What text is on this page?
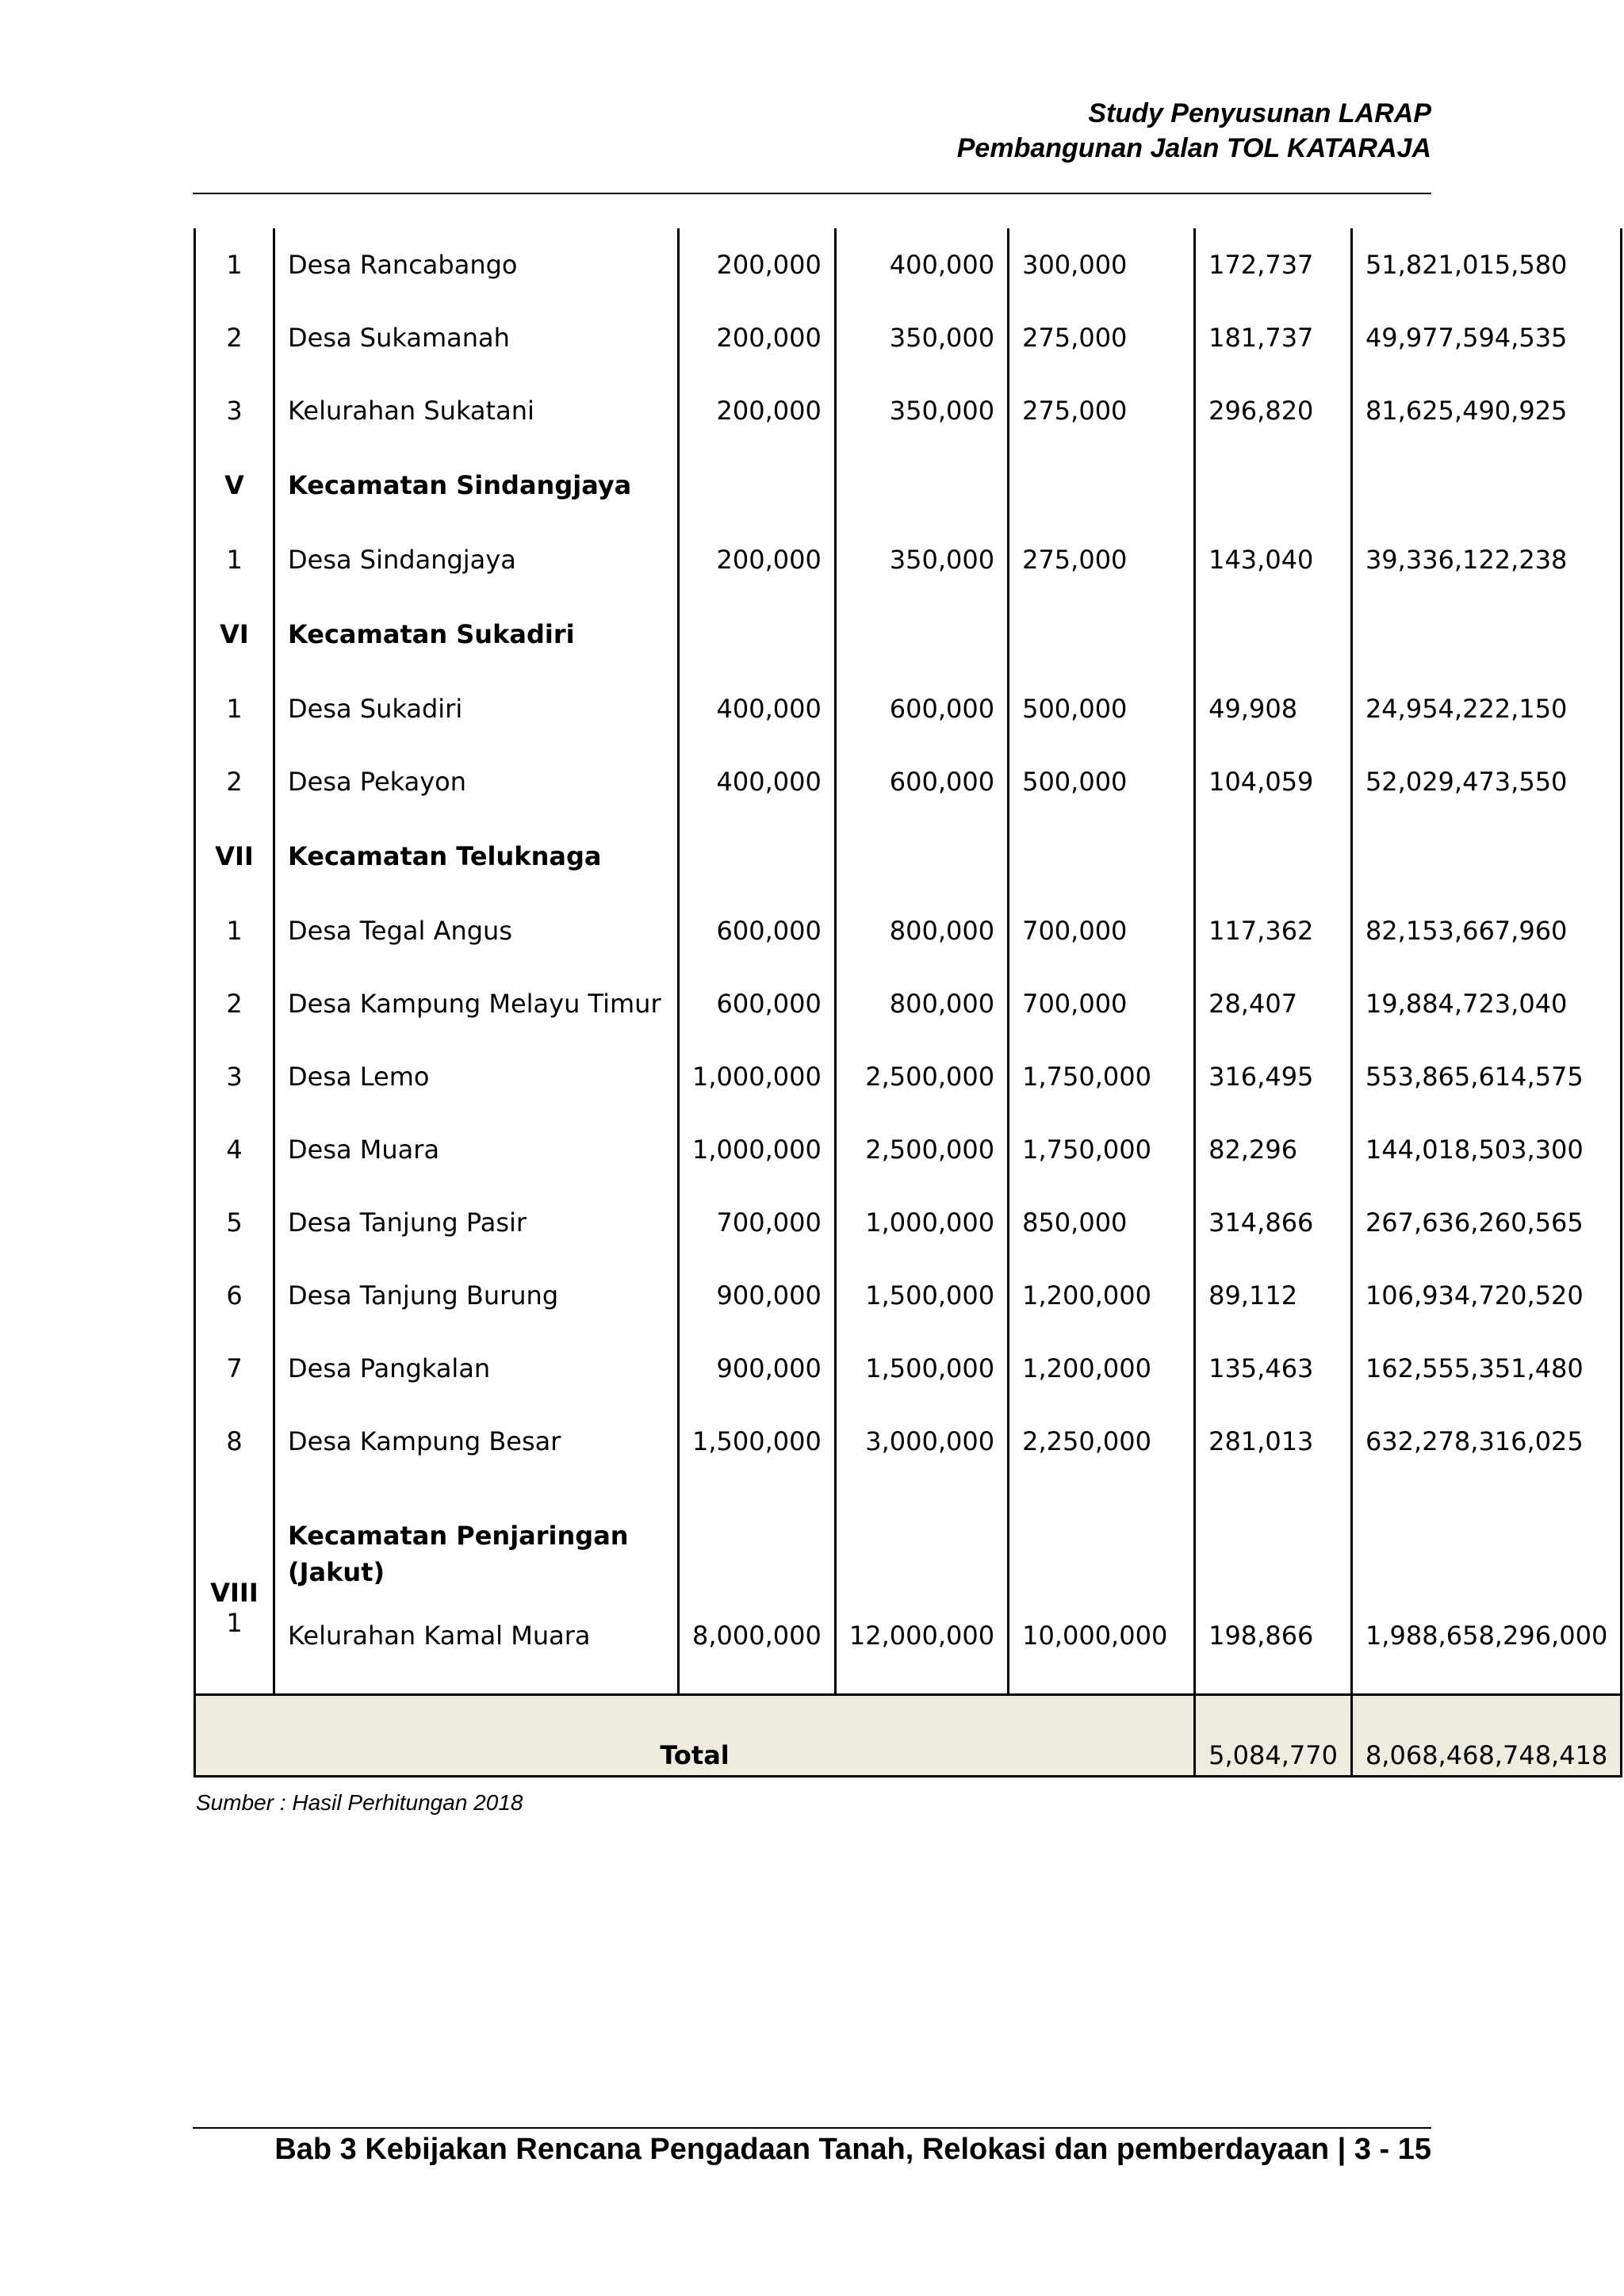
Study Penyusunan LARAP
Pembangunan Jalan TOL KATARAJA
1	Desa Rancabango	200,000	400,000	300,000	172,737	51,821,015,580
2	Desa Sukamanah	200,000	350,000	275,000	181,737	49,977,594,535
3	Kelurahan Sukatani	200,000	350,000	275,000	296,820	81,625,490,925
V	Kecamatan Sindangjaya					
1	Desa Sindangjaya	200,000	350,000	275,000	143,040	39,336,122,238
VI	Kecamatan Sukadiri					
1	Desa Sukadiri	400,000	600,000	500,000	49,908	24,954,222,150
2	Desa Pekayon	400,000	600,000	500,000	104,059	52,029,473,550
VII	Kecamatan Teluknaga					
1	Desa Tegal Angus	600,000	800,000	700,000	117,362	82,153,667,960
2	Desa Kampung Melayu Timur	600,000	800,000	700,000	28,407	19,884,723,040
3	Desa Lemo	1,000,000	2,500,000	1,750,000	316,495	553,865,614,575
4	Desa Muara	1,000,000	2,500,000	1,750,000	82,296	144,018,503,300
5	Desa Tanjung Pasir	700,000	1,000,000	850,000	314,866	267,636,260,565
6	Desa Tanjung Burung	900,000	1,500,000	1,200,000	89,112	106,934,720,520
7	Desa Pangkalan	900,000	1,500,000	1,200,000	135,463	162,555,351,480
8	Desa Kampung Besar	1,500,000	3,000,000	2,250,000	281,013	632,278,316,025
VIII	Kecamatan Penjaringan (Jakut)					
1	Kelurahan Kamal Muara	8,000,000	12,000,000	10,000,000	198,866	1,988,658,296,000
Total					5,084,770	8,068,468,748,418
Sumber : Hasil Perhitungan 2018
Bab 3 Kebijakan Rencana Pengadaan Tanah, Relokasi dan pemberdayaan | 3 - 15
